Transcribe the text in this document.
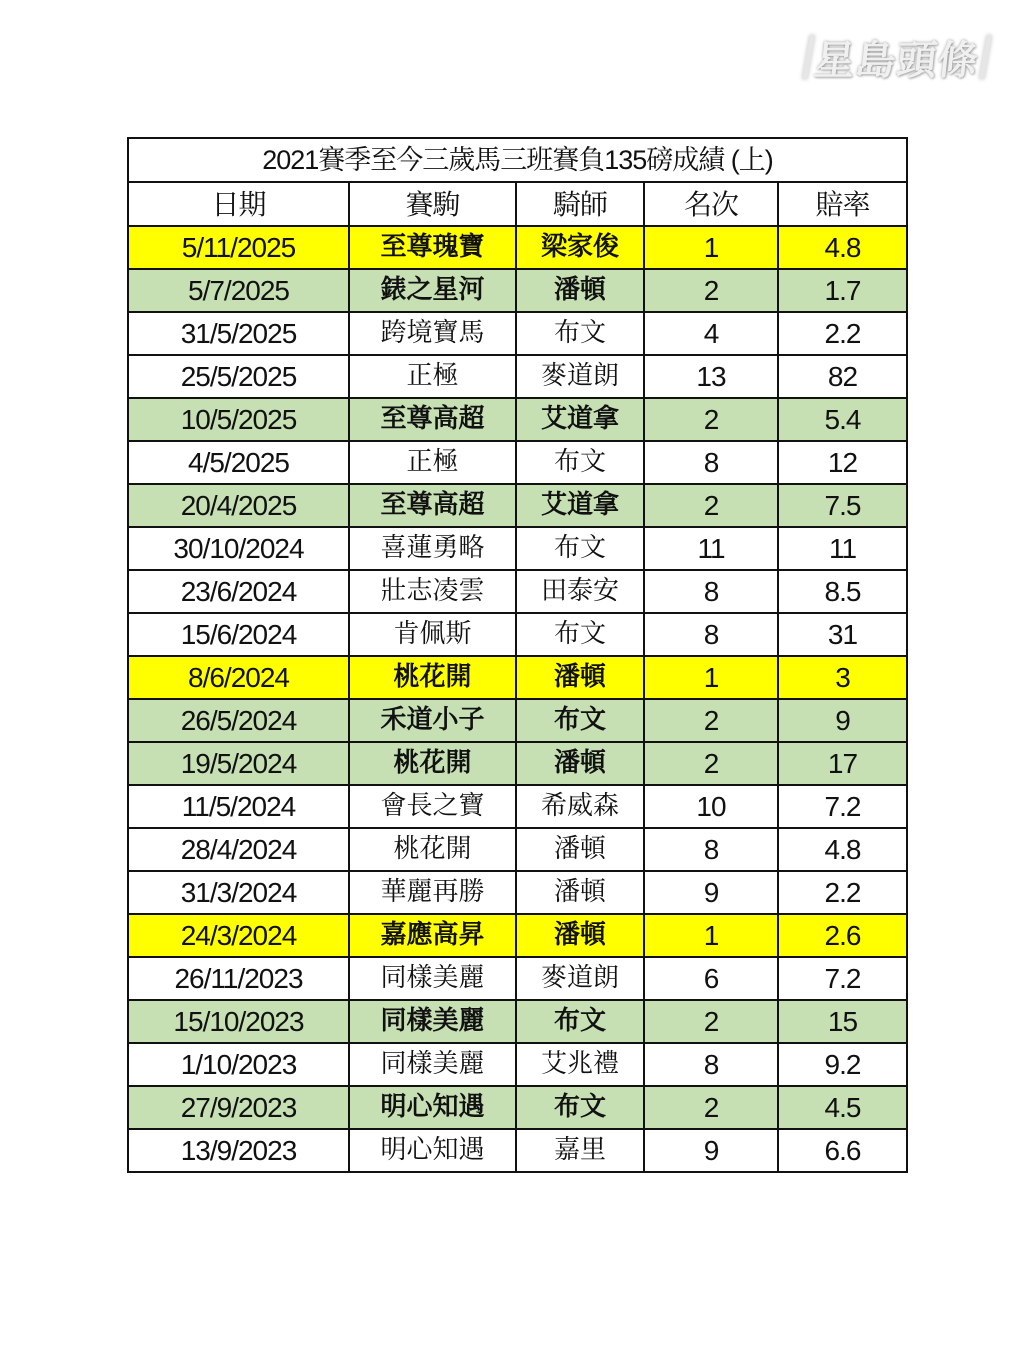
星島頭條
2021賽季至今三歲馬三班賽負135磅成績 (上)				
日期	賽駒	騎師	名次	賠率
5/11/2025	至尊瑰寶	梁家俊	1	4.8
5/7/2025	錶之星河	潘頓	2	1.7
31/5/2025	跨境寶馬	布文	4	2.2
25/5/2025	正極	麥道朗	13	82
10/5/2025	至尊高超	艾道拿	2	5.4
4/5/2025	正極	布文	8	12
20/4/2025	至尊高超	艾道拿	2	7.5
30/10/2024	喜蓮勇略	布文	11	11
23/6/2024	壯志凌雲	田泰安	8	8.5
15/6/2024	肯佩斯	布文	8	31
8/6/2024	桃花開	潘頓	1	3
26/5/2024	禾道小子	布文	2	9
19/5/2024	桃花開	潘頓	2	17
11/5/2024	會長之寶	希威森	10	7.2
28/4/2024	桃花開	潘頓	8	4.8
31/3/2024	華麗再勝	潘頓	9	2.2
24/3/2024	嘉應高昇	潘頓	1	2.6
26/11/2023	同樣美麗	麥道朗	6	7.2
15/10/2023	同樣美麗	布文	2	15
1/10/2023	同樣美麗	艾兆禮	8	9.2
27/9/2023	明心知遇	布文	2	4.5
13/9/2023	明心知遇	嘉里	9	6.6
